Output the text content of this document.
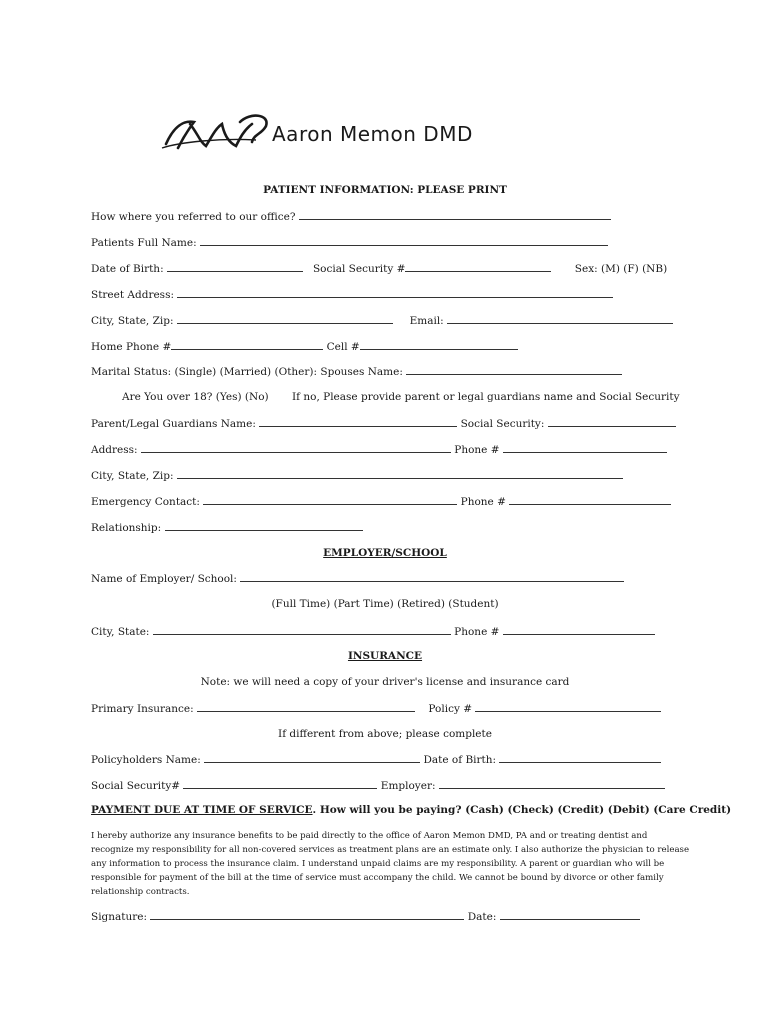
Aaron Memon DMD
PATIENT INFORMATION: PLEASE PRINT
How where you referred to our office?
Patients Full Name:
Date of Birth:	Social Security #	Sex: (M) (F) (NB)
Street Address:
City, State, Zip:	Email:
Home Phone #	Cell #
Marital Status: (Single) (Married) (Other): Spouses Name:
Are You over 18? (Yes) (No) If no, Please provide parent or legal guardians name and Social Security
Parent/Legal Guardians Name:	Social Security:
Address:	Phone #
City, State, Zip:
Emergency Contact:	Phone #
Relationship:
EMPLOYER/SCHOOL
Name of Employer/ School:
(Full Time) (Part Time) (Retired) (Student)
City, State:	Phone #
INSURANCE
Note: we will need a copy of your driver's license and insurance card
Primary Insurance:	Policy #
If different from above; please complete
Policyholders Name:	Date of Birth:
Social Security#	Employer:
PAYMENT DUE AT TIME OF SERVICE. How will you be paying? (Cash) (Check) (Credit) (Debit) (Care Credit)
I hereby authorize any insurance benefits to be paid directly to the office of Aaron Memon DMD, PA and or treating dentist and recognize my responsibility for all non-covered services as treatment plans are an estimate only. I also authorize the physician to release any information to process the insurance claim. I understand unpaid claims are my responsibility. A parent or guardian who will be responsible for payment of the bill at the time of service must accompany the child. We cannot be bound by divorce or other family relationship contracts.
Signature:	Date:
